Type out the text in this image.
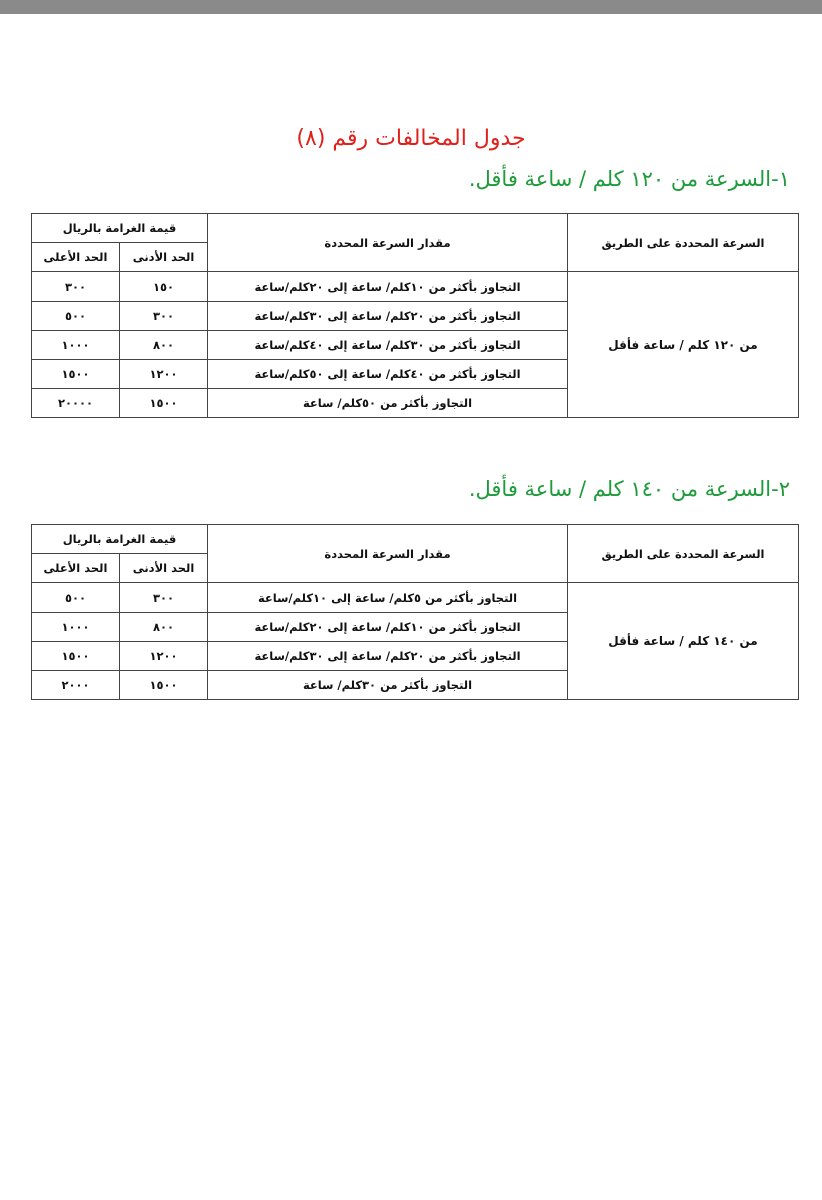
جدول المخالفات رقم (٨)
١-السرعة من ١٢٠ كلم / ساعة فأقل.
السرعة المحددة على الطريق	مقدار السرعة المحددة	قيمة الغرامة بالريال	
		الحد الأدنى	الحد الأعلى
من ١٢٠ كلم / ساعة فأقل	التجاوز بأكثر من ١٠كلم/ ساعة إلى ٢٠كلم/ساعة	١٥٠	٣٠٠
	التجاوز بأكثر من ٢٠كلم/ ساعة إلى ٣٠كلم/ساعة	٣٠٠	٥٠٠
	التجاوز بأكثر من ٣٠كلم/ ساعة إلى ٤٠كلم/ساعة	٨٠٠	١٠٠٠
	التجاوز بأكثر من ٤٠كلم/ ساعة إلى ٥٠كلم/ساعة	١٢٠٠	١٥٠٠
	التجاوز بأكثر من ٥٠كلم/ ساعة	١٥٠٠	٢٠٠٠٠
٢-السرعة من ١٤٠ كلم / ساعة فأقل.
السرعة المحددة على الطريق	مقدار السرعة المحددة	قيمة الغرامة بالريال	
		الحد الأدنى	الحد الأعلى
من ١٤٠ كلم / ساعة فأقل	التجاوز بأكثر من ٥كلم/ ساعة إلى ١٠كلم/ساعة	٣٠٠	٥٠٠
	التجاوز بأكثر من ١٠كلم/ ساعة إلى ٢٠كلم/ساعة	٨٠٠	١٠٠٠
	التجاوز بأكثر من ٢٠كلم/ ساعة إلى ٣٠كلم/ساعة	١٢٠٠	١٥٠٠
	التجاوز بأكثر من ٣٠كلم/ ساعة	١٥٠٠	٢٠٠٠
